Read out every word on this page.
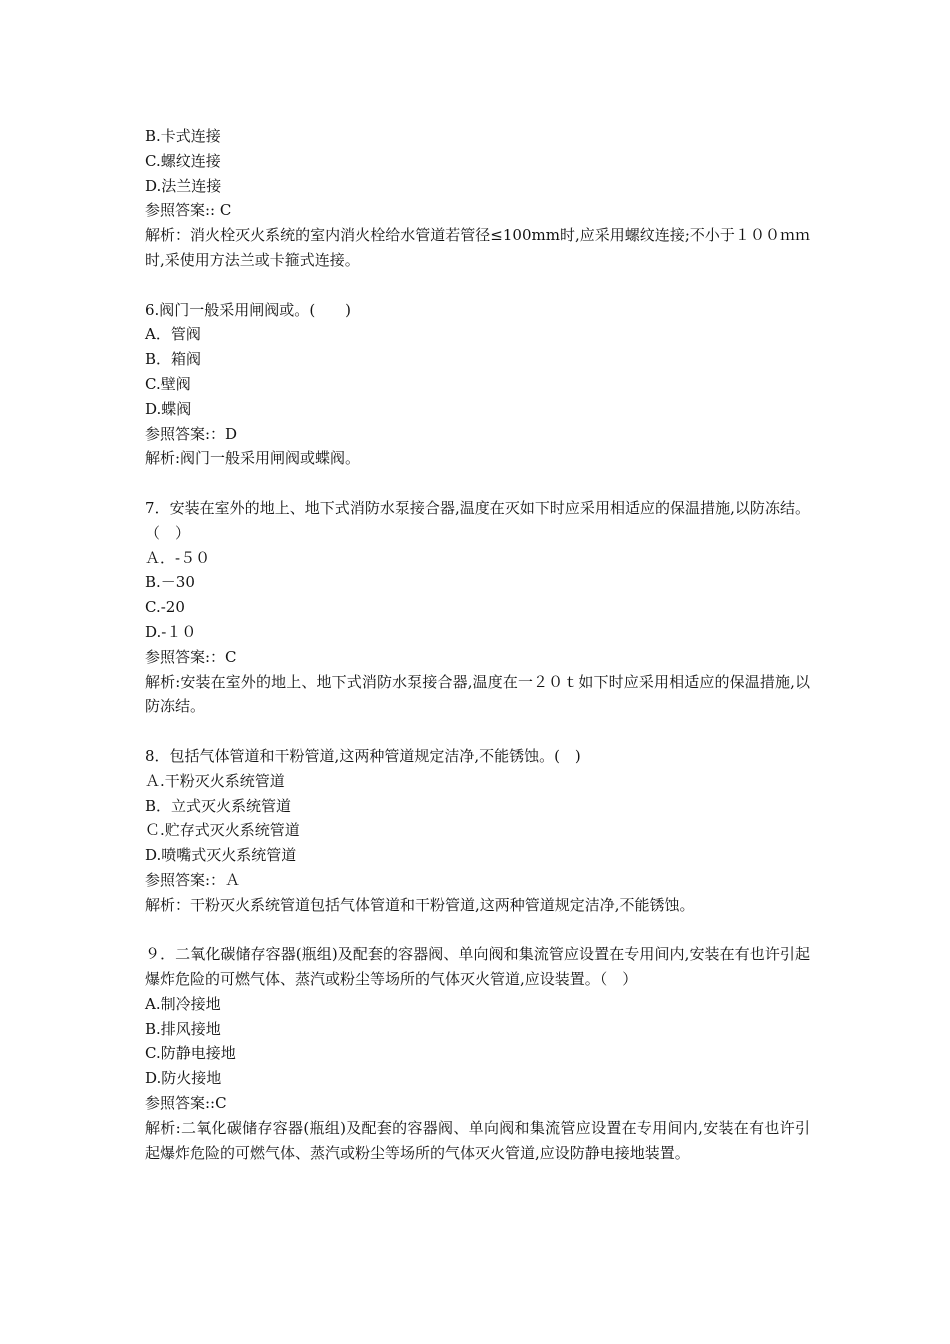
B.卡式连接
C.螺纹连接
D.法兰连接
参照答案:: C
解析：消火栓灭火系统的室内消火栓给水管道若管径≤100mm时,应采用螺纹连接;不小于１００ｍｍ时,采使用方法兰或卡箍式连接。
6.阀门一般采用闸阀或。(　　)
A．管阀
B．箱阀
C.壁阀
D.蝶阀
参照答案:：D
解析:阀门一般采用闸阀或蝶阀。
7．安装在室外的地上、地下式消防水泵接合器,温度在灭如下时应采用相适应的保温措施,以防冻结。（　）
Ａ．-５０
B.－30
C.-20
D.-１０
参照答案:：C
解析:安装在室外的地上、地下式消防水泵接合器,温度在一２０ｔ如下时应采用相适应的保温措施,以防冻结。
8．包括气体管道和干粉管道,这两种管道规定洁净,不能锈蚀。(　)
Ａ.干粉灭火系统管道
B．立式灭火系统管道
Ｃ.贮存式灭火系统管道
D.喷嘴式灭火系统管道
参照答案:：Ａ
解析：干粉灭火系统管道包括气体管道和干粉管道,这两种管道规定洁净,不能锈蚀。
９．二氧化碳储存容器(瓶组)及配套的容器阀、单向阀和集流管应设置在专用间内,安装在有也许引起爆炸危险的可燃气体、蒸汽或粉尘等场所的气体灭火管道,应设装置。（　）
A.制冷接地
B.排风接地
C.防静电接地
D.防火接地
参照答案::C
解析:二氧化碳储存容器(瓶组)及配套的容器阀、单向阀和集流管应设置在专用间内,安装在有也许引起爆炸危险的可燃气体、蒸汽或粉尘等场所的气体灭火管道,应设防静电接地装置。
